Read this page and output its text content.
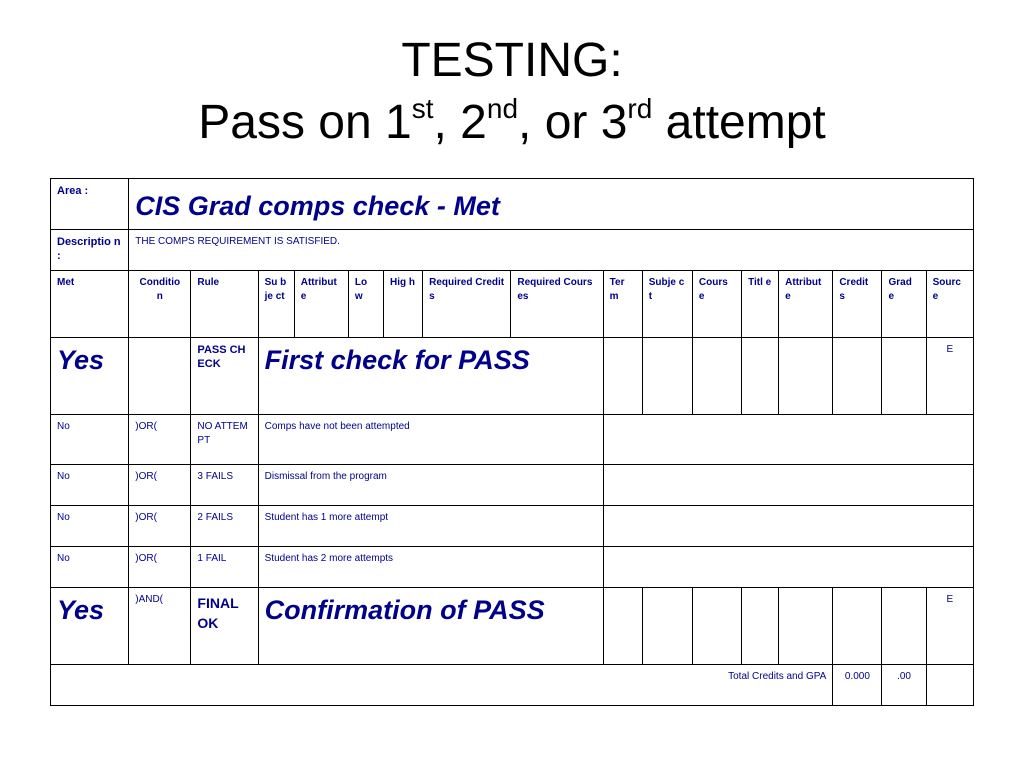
TESTING:
Pass on 1st, 2nd, or 3rd attempt
Area :	CIS Grad comps check - Met															
Descriptio n :	THE COMPS REQUIREMENT IS SATISFIED.															
Met	Conditio n	Rule	Su bje ct	Attribut e	Lo w	Hig h	Required Credits	Required Courses	Ter m	Subje ct	Cours e	Titl e	Attribut e	Credit s	Grad e	Sourc e
Yes		PASS CHECK	First check for PASS													E
No	)OR(	NO ATTEMPT	Comps have not been attempted													
No	)OR(	3 FAILS	Dismissal from the program													
No	)OR(	2 FAILS	Student has 1 more attempt													
No	)OR(	1 FAIL	Student has 2 more attempts													
Yes	)AND(	FINAL OK	Confirmation of PASS													E
Total Credits and GPA														0.000	.00	
